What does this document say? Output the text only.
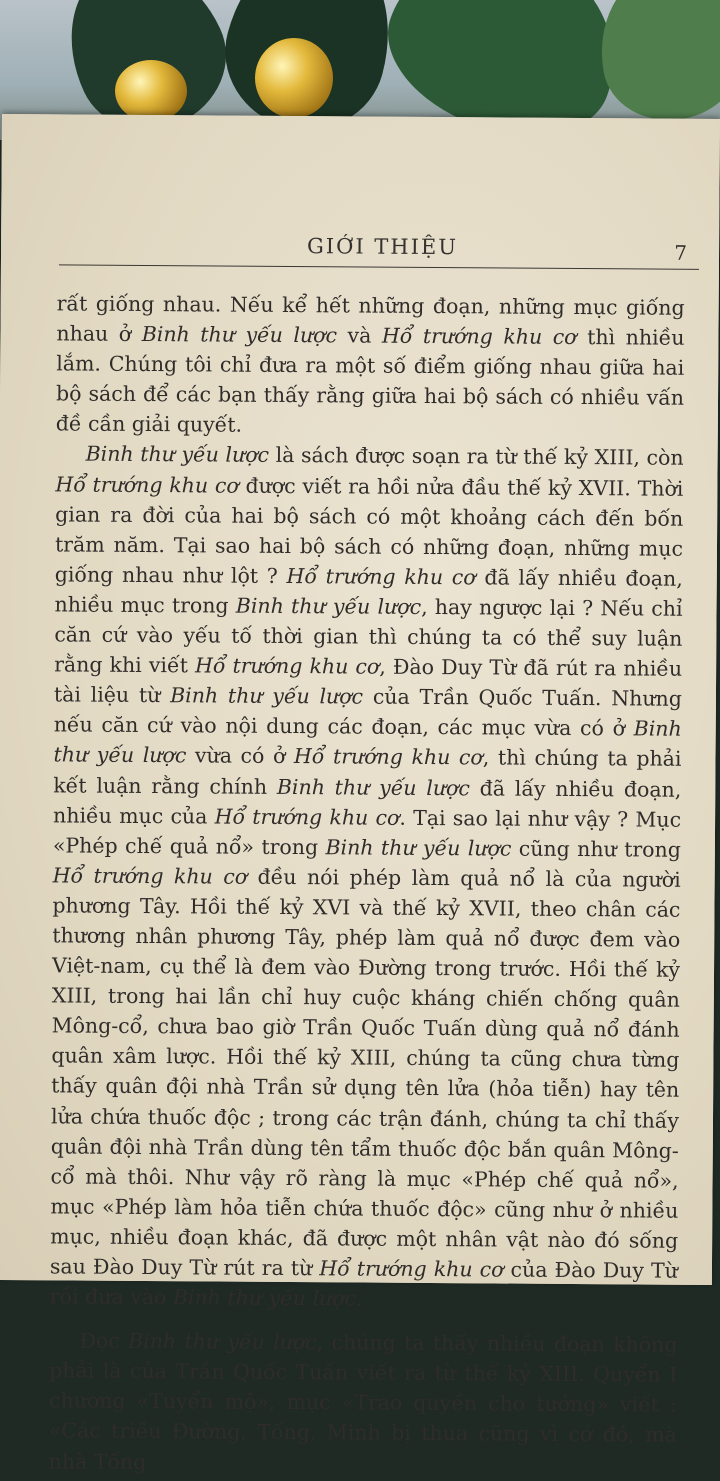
GIỚI THIỆU	7

rất giống nhau. Nếu kể hết những đoạn, những mục giống nhau ở Binh thư yếu lược và Hổ trướng khu cơ thì nhiều lắm. Chúng tôi chỉ đưa ra một số điểm giống nhau giữa hai bộ sách để các bạn thấy rằng giữa hai bộ sách có nhiều vấn đề cần giải quyết.

Binh thư yếu lược là sách được soạn ra từ thế kỷ XIII, còn Hổ trướng khu cơ được viết ra hồi nửa đầu thế kỷ XVII. Thời gian ra đời của hai bộ sách có một khoảng cách đến bốn trăm năm. Tại sao hai bộ sách có những đoạn, những mục giống nhau như lột ? Hổ trướng khu cơ đã lấy nhiều đoạn, nhiều mục trong Binh thư yếu lược, hay ngược lại ? Nếu chỉ căn cứ vào yếu tố thời gian thì chúng ta có thể suy luận rằng khi viết Hổ trướng khu cơ, Đào Duy Từ đã rút ra nhiều tài liệu từ Binh thư yếu lược của Trần Quốc Tuấn. Nhưng nếu căn cứ vào nội dung các đoạn, các mục vừa có ở Binh thư yếu lược vừa có ở Hổ trướng khu cơ, thì chúng ta phải kết luận rằng chính Binh thư yếu lược đã lấy nhiều đoạn, nhiều mục của Hổ trướng khu cơ. Tại sao lại như vậy ? Mục «Phép chế quả nổ» trong Binh thư yếu lược cũng như trong Hổ trướng khu cơ đều nói phép làm quả nổ là của người phương Tây. Hồi thế kỷ XVI và thế kỷ XVII, theo chân các thương nhân phương Tây, phép làm quả nổ được đem vào Việt-nam, cụ thể là đem vào Đường trong trước. Hồi thế kỷ XIII, trong hai lần chỉ huy cuộc kháng chiến chống quân Mông-cổ, chưa bao giờ Trần Quốc Tuấn dùng quả nổ đánh quân xâm lược. Hồi thế kỷ XIII, chúng ta cũng chưa từng thấy quân đội nhà Trần sử dụng tên lửa (hỏa tiễn) hay tên lửa chứa thuốc độc ; trong các trận đánh, chúng ta chỉ thấy quân đội nhà Trần dùng tên tẩm thuốc độc bắn quân Mông-cổ mà thôi. Như vậy rõ ràng là mục «Phép chế quả nổ», mục «Phép làm hỏa tiễn chứa thuốc độc» cũng như ở nhiều mục, nhiều đoạn khác, đã được một nhân vật nào đó sống sau Đào Duy Từ rút ra từ Hổ trướng khu cơ của Đào Duy Từ rồi đưa vào Binh thư yếu lược.

Đọc Binh thư yếu lược, chúng ta thấy nhiều đoạn không phải là của Trần Quốc Tuấn viết ra từ thế kỷ XIII. Quyển I chương «Tuyển mộ», mục «Trao quyền cho tướng» viết : «Các triều Đường, Tống, Minh bị thua cũng vì cớ đó, mà nhà Tống
